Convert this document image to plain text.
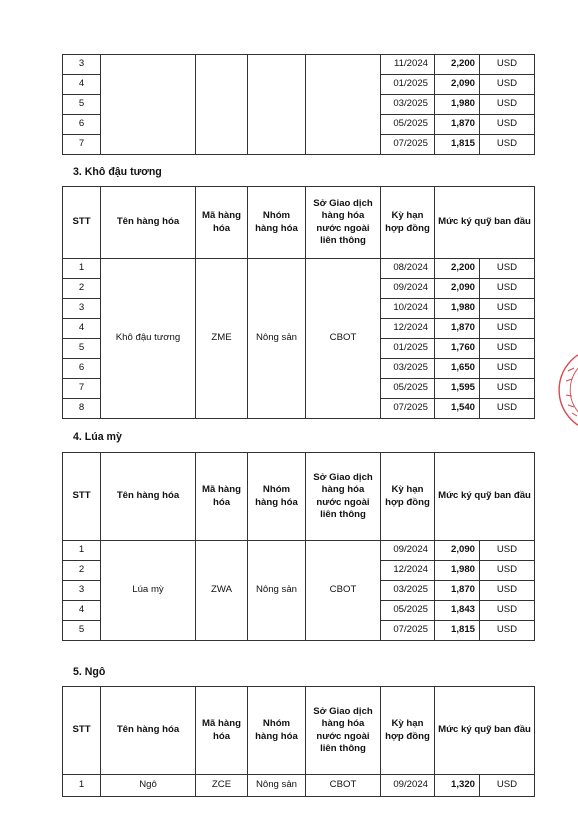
3					11/2024	2,200	USD
4					01/2025	2,090	USD
5					03/2025	1,980	USD
6					05/2025	1,870	USD
7					07/2025	1,815	USD
3. Khô đậu tương
STT	Tên hàng hóa	Mã hàng hóa	Nhóm hàng hóa	Sở Giao dịch hàng hóa nước ngoài liên thông	Kỳ hạn hợp đồng	Mức ký quỹ ban đầu	
1	Khô đậu tương	ZME	Nông sản	CBOT	08/2024	2,200	USD
2					09/2024	2,090	USD
3					10/2024	1,980	USD
4					12/2024	1,870	USD
5					01/2025	1,760	USD
6					03/2025	1,650	USD
7					05/2025	1,595	USD
8					07/2025	1,540	USD
4. Lúa mỳ
STT	Tên hàng hóa	Mã hàng hóa	Nhóm hàng hóa	Sở Giao dịch hàng hóa nước ngoài liên thông	Kỳ hạn hợp đồng	Mức ký quỹ ban đầu	
1	Lúa mỳ	ZWA	Nông sản	CBOT	09/2024	2,090	USD
2					12/2024	1,980	USD
3					03/2025	1,870	USD
4					05/2025	1,843	USD
5					07/2025	1,815	USD
5. Ngô
STT	Tên hàng hóa	Mã hàng hóa	Nhóm hàng hóa	Sở Giao dịch hàng hóa nước ngoài liên thông	Kỳ hạn hợp đồng	Mức ký quỹ ban đầu	
1	Ngô	ZCE	Nông sản	CBOT	09/2024	1,320	USD
